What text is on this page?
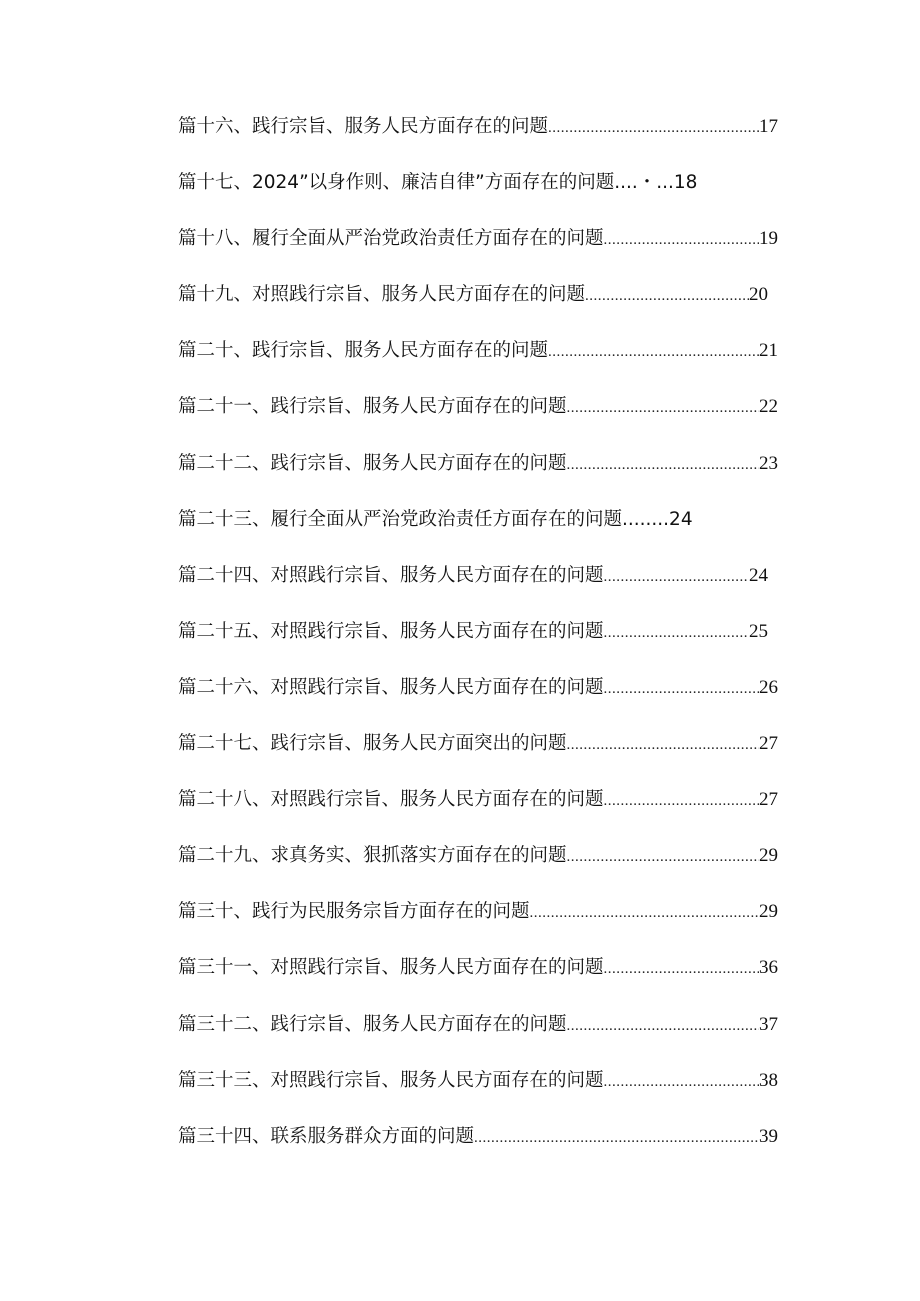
篇十六、践行宗旨、服务人民方面存在的问题 .....	17
篇十七、2024”以身作则、廉洁自律”方面存在的问题....・...18
篇十八、履行全面从严治党政治责任方面存在的问题 .....	19
篇十九、对照践行宗旨、服务人民方面存在的问题 .....	20
篇二十、践行宗旨、服务人民方面存在的问题 .....	21
篇二十一、践行宗旨、服务人民方面存在的问题 .....	22
篇二十二、践行宗旨、服务人民方面存在的问题 .....	23
篇二十三、履行全面从严治党政治责任方面存在的问题........24
篇二十四、对照践行宗旨、服务人民方面存在的问题 .....	24
篇二十五、对照践行宗旨、服务人民方面存在的问题 .....	25
篇二十六、对照践行宗旨、服务人民方面存在的问题 .....	26
篇二十七、践行宗旨、服务人民方面突出的问题 .....	27
篇二十八、对照践行宗旨、服务人民方面存在的问题 .....	27
篇二十九、求真务实、狠抓落实方面存在的问题 .....	29
篇三十、践行为民服务宗旨方面存在的问题 .....	29
篇三十一、对照践行宗旨、服务人民方面存在的问题 .....	36
篇三十二、践行宗旨、服务人民方面存在的问题 .....	37
篇三十三、对照践行宗旨、服务人民方面存在的问题 .....	38
篇三十四、联系服务群众方面的问题 .....	39
